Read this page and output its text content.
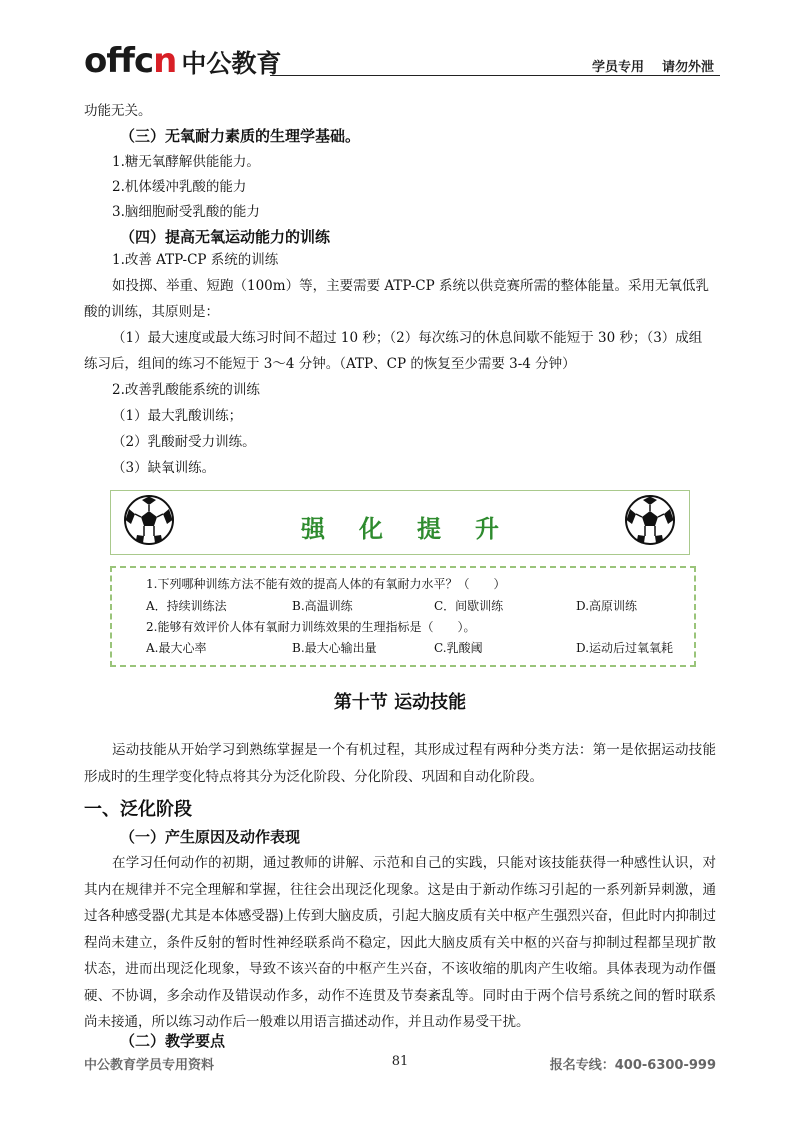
offcn 中公教育	学员专用 请勿外泄
功能无关。
（三）无氧耐力素质的生理学基础。
1.糖无氧酵解供能能力。
2.机体缓冲乳酸的能力
3.脑细胞耐受乳酸的能力
（四）提高无氧运动能力的训练
1.改善 ATP-CP 系统的训练
如投掷、举重、短跑（100m）等，主要需要 ATP-CP 系统以供竞赛所需的整体能量。采用无氧低乳
酸的训练，其原则是：
（1）最大速度或最大练习时间不超过 10 秒；（2）每次练习的休息间歇不能短于 30 秒；（3）成组
练习后，组间的练习不能短于 3～4 分钟。（ATP、CP 的恢复至少需要 3-4 分钟）
2.改善乳酸能系统的训练
（1）最大乳酸训练；
（2）乳酸耐受力训练。
（3）缺氧训练。
强化提升
1.下列哪种训练方法不能有效的提高人体的有氧耐力水平？（　　）
A．持续训练法	B.高温训练	C．间歇训练	D.高原训练
2.能够有效评价人体有氧耐力训练效果的生理指标是（　　）。
A.最大心率	B.最大心输出量	C.乳酸阈	D.运动后过氧氧耗
第十节 运动技能
运动技能从开始学习到熟练掌握是一个有机过程，其形成过程有两种分类方法：第一是依据运动技能形成时的生理学变化特点将其分为泛化阶段、分化阶段、巩固和自动化阶段。
一、泛化阶段
（一）产生原因及动作表现
在学习任何动作的初期，通过教师的讲解、示范和自己的实践，只能对该技能获得一种感性认识，对其内在规律并不完全理解和掌握，往往会出现泛化现象。这是由于新动作练习引起的一系列新异刺激，通过各种感受器(尤其是本体感受器)上传到大脑皮质，引起大脑皮质有关中枢产生强烈兴奋，但此时内抑制过程尚未建立，条件反射的暂时性神经联系尚不稳定，因此大脑皮质有关中枢的兴奋与抑制过程都呈现扩散状态，进而出现泛化现象，导致不该兴奋的中枢产生兴奋，不该收缩的肌肉产生收缩。具体表现为动作僵硬、不协调，多余动作及错误动作多，动作不连贯及节奏紊乱等。同时由于两个信号系统之间的暂时联系尚未接通，所以练习动作后一般难以用语言描述动作，并且动作易受干扰。
（二）教学要点
中公教育学员专用资料	81	报名专线：400-6300-999
